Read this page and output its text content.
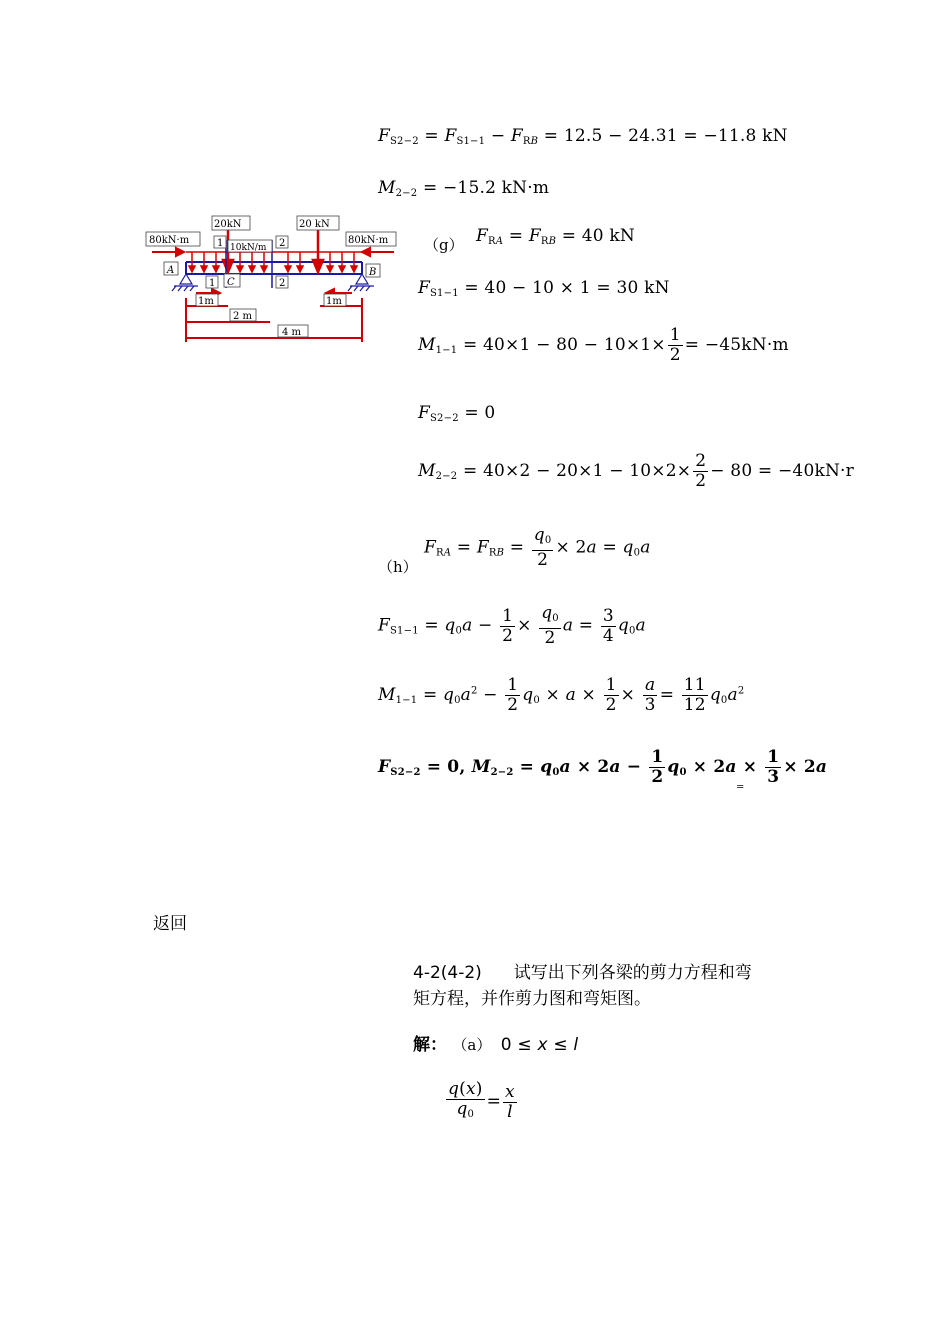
$F_{S2-2} = F_{S1-1} - F_{RB} = 12.5 - 24.31 = -11.8$ kN
$M_{2-2} = -15.2$ kN·m
80kN·m	80kN·m
20kN	20 kN
10kN/m
A	B
C
1
1
2
2
1m	1m
2 m
4 m
（g） $F_{RA} = F_{RB} = 40$ kN
$F_{S1-1} = 40 - 10 \times 1 = 30$ kN
$M_{1-1} = 40\times 1 - 80 - 10\times 1\times \frac{1}{2} = -45kN\cdot m$
$F_{S2-2} = 0$
$M_{2-2} = 40\times 2 - 20\times 1 - 10\times 2\times \frac{2}{2} - 80 = -40kN\cdot r$
（h）
$F_{RA} = F_{RB} = \frac{q_0}{2} \times 2a = q_0a$
$F_{S1-1} = q_0a - \frac{1}{2} \times \frac{q_0}{2}$ $a = \frac{3}{4} q_0a$
$M_{1-1} = q_0a^2 - \frac{1}{2} q_0 \times a \times \frac{1}{2} \times \frac{a}{3} = \frac{11}{12} q_0a^2$
$F_{S2-2} = 0$, $M_{2-2} = q_0a \times 2a - \frac{1}{2} q_0 \times 2a \times \frac{1}{3} \times 2a$
=
返回
4-2(4-2) 试写出下列各梁的剪力方程和弯
矩方程，并作剪力图和弯矩图。
解： （a） 0 ≤ x ≤ l
$\frac{q(x)}{q_0} = \frac{x}{l}$
